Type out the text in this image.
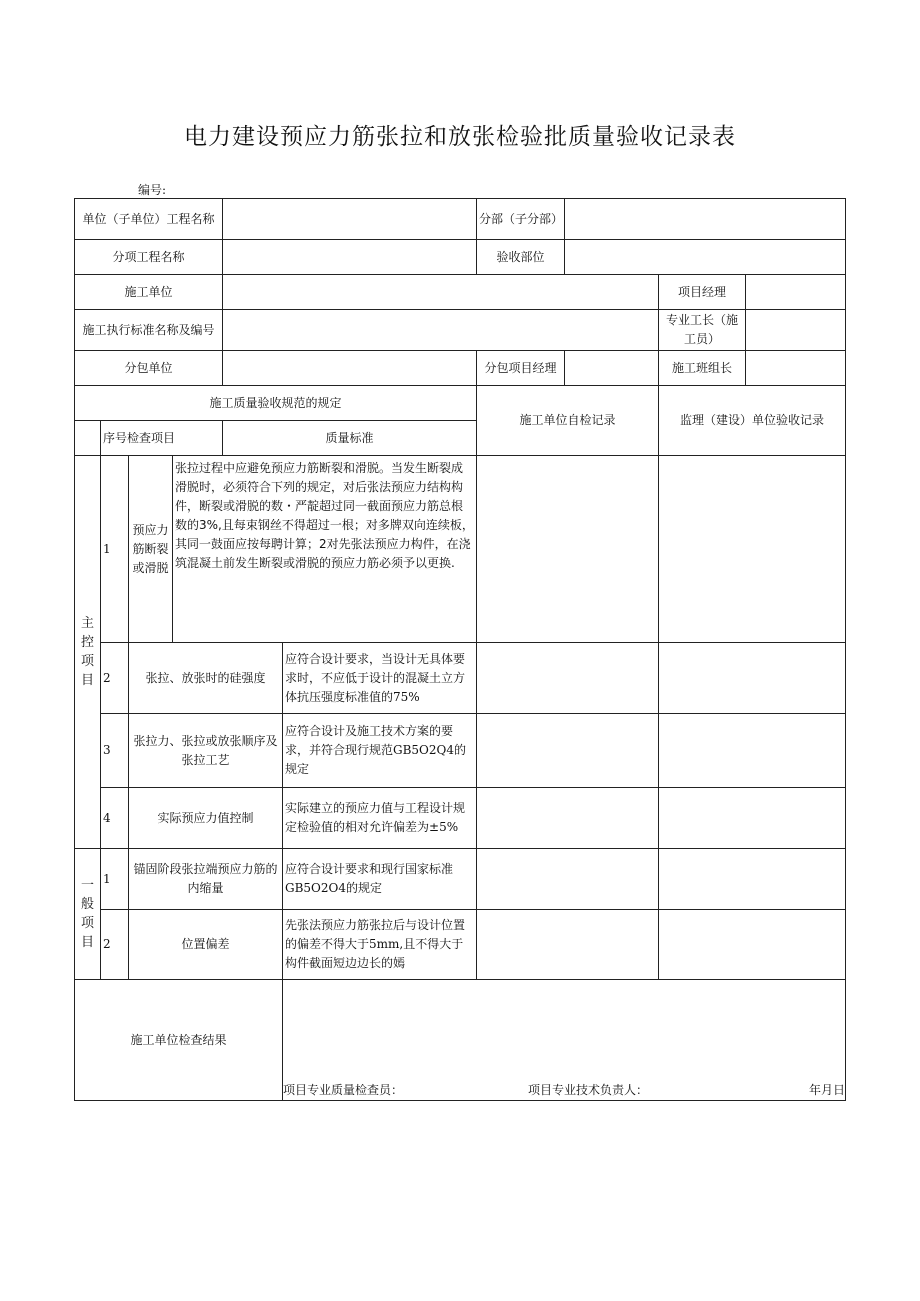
电力建设预应力筋张拉和放张检验批质量验收记录表
编号:
单位（子单位）工程名称						分部（子分部）			
分项工程名称						验收部位			
施工单位								项目经理	
施工执行标准名称及编号								专业工长（施工员）	
分包单位						分包项目经理		施工班组长	
施工质量验收规范的规定						施工单位自检记录		监理（建设）单位验收记录	
	序号检查项目			质量标准					

主控项目	1	预应力筋断裂或滑脱	张拉过程中应避免预应力筋断裂和滑脱。当发生断裂成滑脱时，必须符合下列的规定，对后张法预应力结构构件，断裂或滑脱的数・严靛超过同一截面预应力筋总根数的3%,且每束钢丝不得超过一根；对多牌双向连续板，其同一鼓面应按每聘计算；2对先张法预应力构件，在浇筑混凝土前发生断裂或滑脱的预应力筋必须予以更换.						
	2	张拉、放张时的硅强度			应符合设计要求，当设计无具体要求时，不应低于设计的混凝土立方体抗压强度标准值的75%				
	3	张拉力、张拉或放张顺序及张拉工艺			应符合设计及施工技术方案的要求，并符合现行规范GB5O2Q4的规定				
	4	实际预应力值控制			实际建立的预应力值与工程设计规定检验值的相对允许偏差为±5%				

一般项目	1	锚固阶段张拉端预应力筋的内缩量			应符合设计要求和现行国家标准GB5O2O4的规定				
	2	位置偏差			先张法预应力筋张拉后与设计位置的偏差不得大于5mm,且不得大于构件截面短边边长的嫣				
施工单位检查结果					项目专业质量检查员： 项目专业技术负责人： 年月日				
